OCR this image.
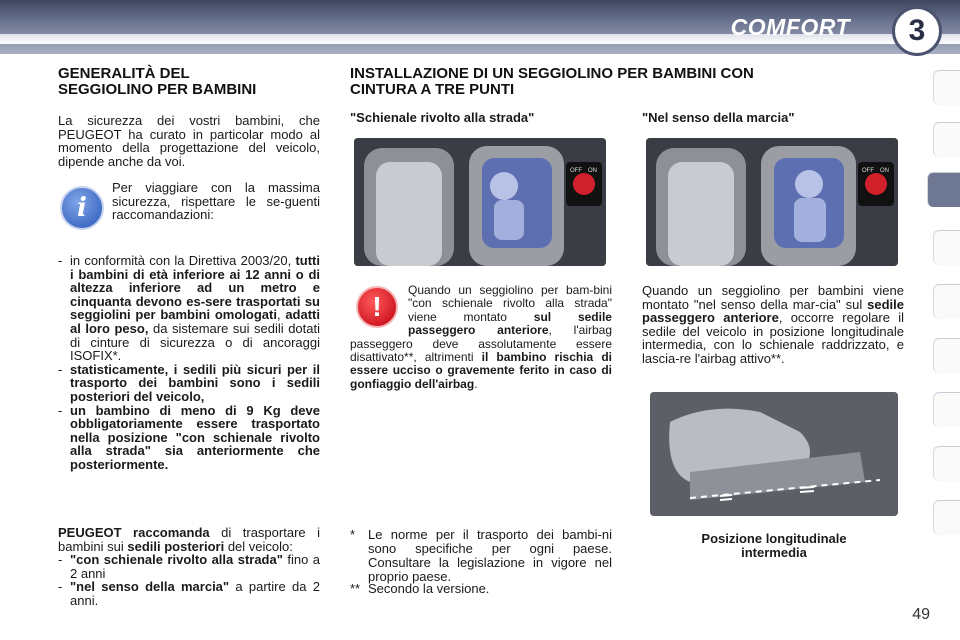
COMFORT	3
GENERALITÀ DEL
SEGGIOLINO PER BAMBINI

La sicurezza dei vostri bambini, che PEUGEOT ha curato in particolar modo al momento della progettazione del veicolo, dipende anche da voi.

i

Per viaggiare con la massima sicurezza, rispettare le se-guenti raccomandazioni:

- in conformità con la Direttiva 2003/20, tutti i bambini di età inferiore ai 12 anni o di altezza inferiore ad un metro e cinquanta devono es-sere trasportati su seggiolini per bambini omologati, adatti al loro peso, da sistemare sui sedili dotati di cinture di sicurezza o di ancoraggi ISOFIX*.
- statisticamente, i sedili più sicuri per il trasporto dei bambini sono i sedili posteriori del veicolo,
- un bambino di meno di 9 Kg deve obbligatoriamente essere trasportato nella posizione "con schienale rivolto alla strada" sia anteriormente che posteriormente.
PEUGEOT raccomanda di trasportare i bambini sui sedili posteriori del veicolo:
- "con schienale rivolto alla strada" fino a 2 anni
- "nel senso della marcia" a partire da 2 anni.
INSTALLAZIONE DI UN SEGGIOLINO PER BAMBINI CON
CINTURA A TRE PUNTI
"Schienale rivolto alla strada"	"Nel senso della marcia"
OFF ON	OFF ON
!
Quando un seggiolino per bam-bini "con schienale rivolto alla strada" viene montato sul sedile passeggero anteriore, l'airbag passeggero deve assolutamente essere disattivato**, altrimenti il bambino rischia di essere ucciso o gravemente ferito in caso di gonfiaggio dell'airbag.
Quando un seggiolino per bambini viene montato "nel senso della mar-cia" sul sedile passeggero anteriore, occorre regolare il sedile del veicolo in posizione longitudinale intermedia, con lo schienale raddrizzato, e lascia-re l'airbag attivo**.
Posizione longitudinale
intermedia
* Le norme per il trasporto dei bambi-ni sono specifiche per ogni paese. Consultare la legislazione in vigore nel proprio paese.
** Secondo la versione.
49
